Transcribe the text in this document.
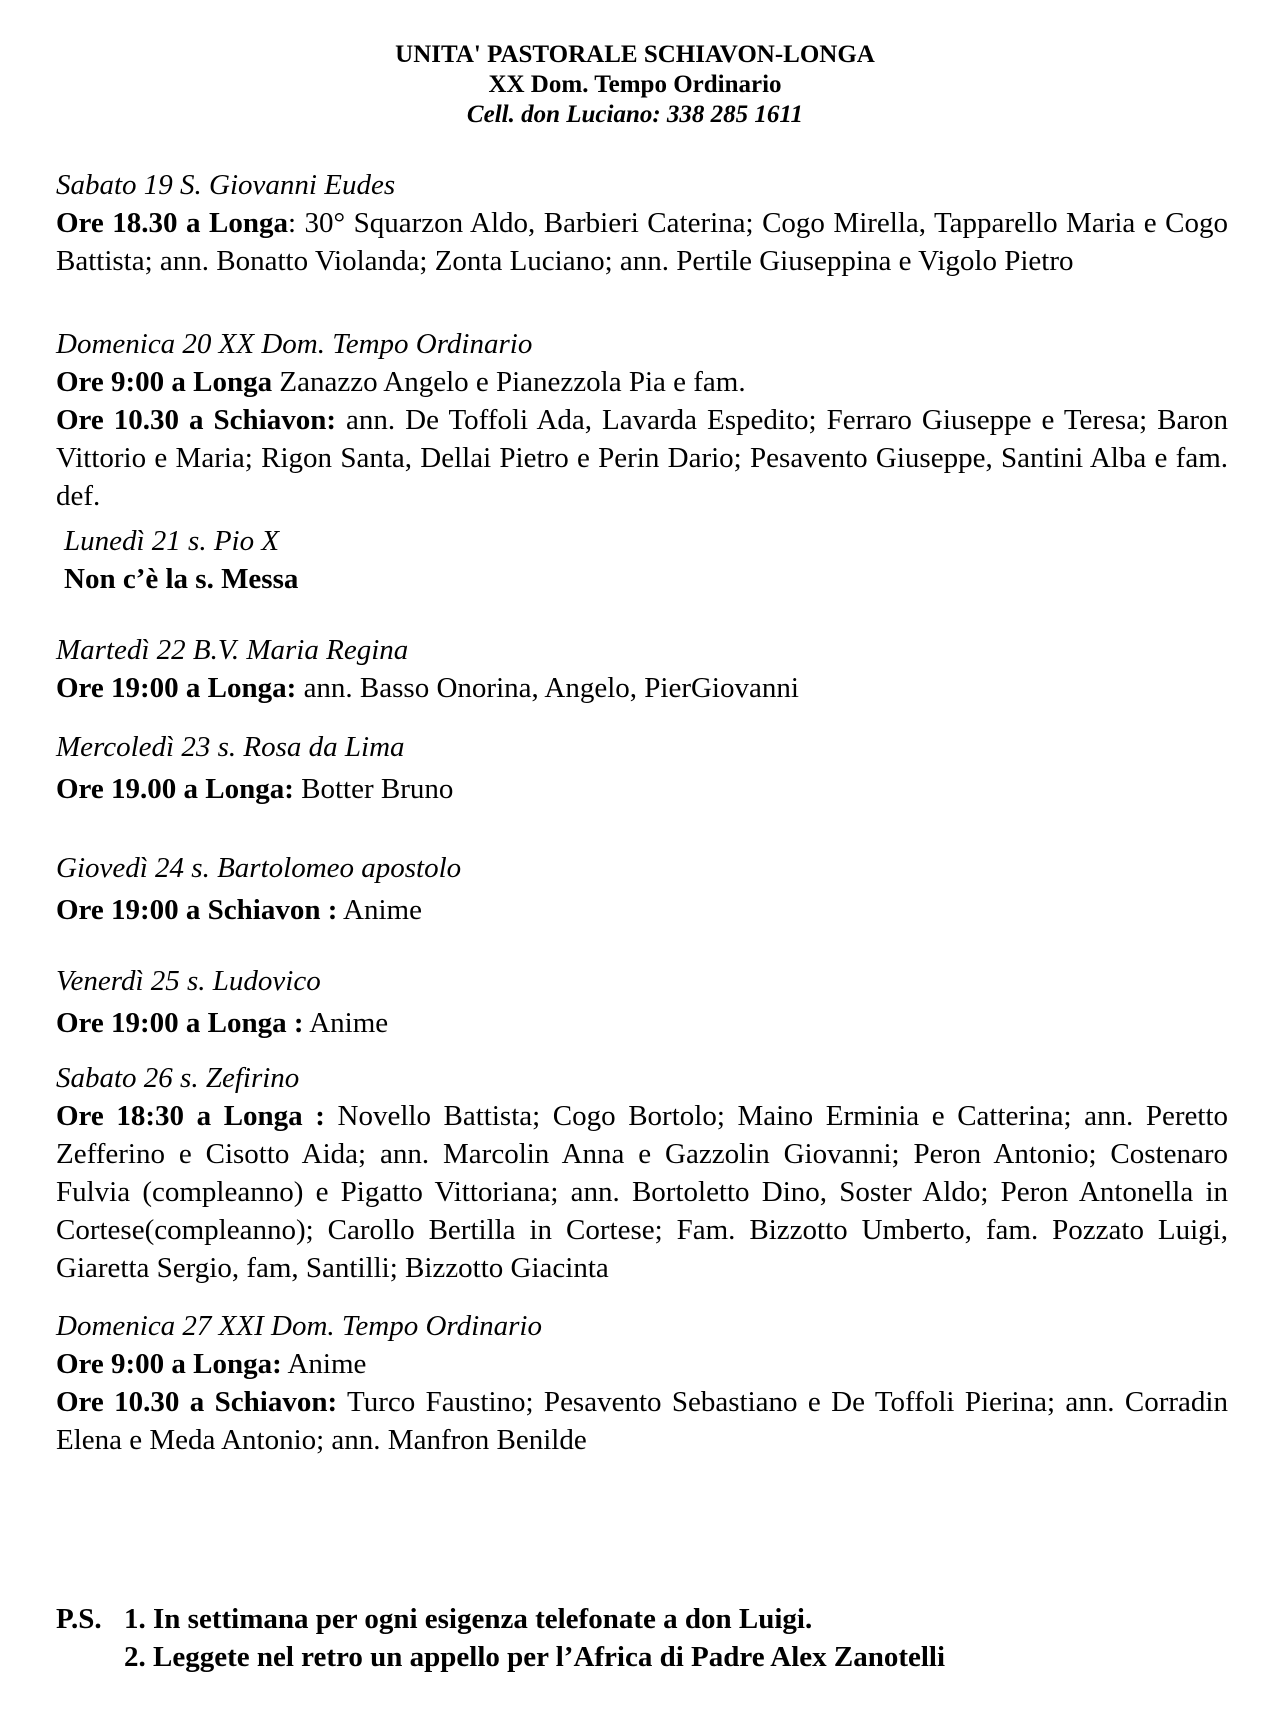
UNITA' PASTORALE SCHIAVON-LONGA
XX Dom. Tempo Ordinario
Cell. don Luciano: 338 285 1611
Sabato 19 S. Giovanni Eudes
Ore 18.30 a Longa: 30° Squarzon Aldo, Barbieri Caterina; Cogo Mirella, Tapparello Maria e Cogo Battista; ann. Bonatto Violanda; Zonta Luciano; ann. Pertile Giuseppina e Vigolo Pietro
Domenica 20 XX Dom. Tempo Ordinario
Ore 9:00 a Longa Zanazzo Angelo e Pianezzola Pia e fam.
Ore 10.30 a Schiavon: ann. De Toffoli Ada, Lavarda Espedito; Ferraro Giuseppe e Teresa; Baron Vittorio e Maria; Rigon Santa, Dellai Pietro e Perin Dario; Pesavento Giuseppe, Santini Alba e fam. def.
Lunedì 21 s. Pio X
Non c’è la s. Messa
Martedì 22 B.V. Maria Regina
Ore 19:00 a Longa: ann. Basso Onorina, Angelo, PierGiovanni
Mercoledì 23 s. Rosa da Lima
Ore 19.00 a Longa: Botter Bruno
Giovedì 24 s. Bartolomeo apostolo
Ore 19:00 a Schiavon : Anime
Venerdì 25 s. Ludovico
Ore 19:00 a Longa : Anime
Sabato 26 s. Zefirino
Ore 18:30 a Longa : Novello Battista; Cogo Bortolo; Maino Erminia e Catterina; ann. Peretto Zefferino e Cisotto Aida; ann. Marcolin Anna e Gazzolin Giovanni; Peron Antonio; Costenaro Fulvia (compleanno) e Pigatto Vittoriana; ann. Bortoletto Dino, Soster Aldo; Peron Antonella in Cortese(compleanno); Carollo Bertilla in Cortese; Fam. Bizzotto Umberto, fam. Pozzato Luigi, Giaretta Sergio, fam, Santilli; Bizzotto Giacinta
Domenica 27 XXI Dom. Tempo Ordinario
Ore 9:00 a Longa: Anime
Ore 10.30 a Schiavon: Turco Faustino; Pesavento Sebastiano e De Toffoli Pierina; ann. Corradin Elena e Meda Antonio; ann. Manfron Benilde
P.S. 1. In settimana per ogni esigenza telefonate a don Luigi.
2. Leggete nel retro un appello per l’Africa di Padre Alex Zanotelli
